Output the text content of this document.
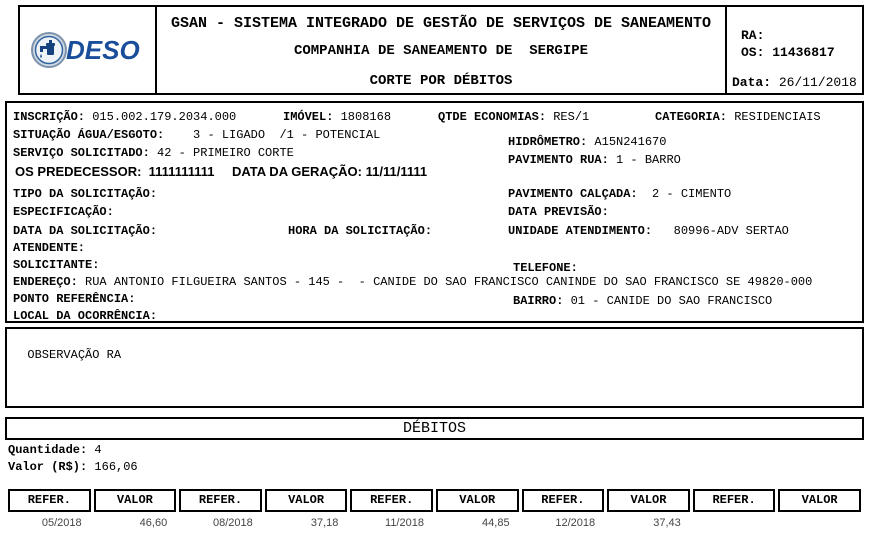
DESO
GSAN - SISTEMA INTEGRADO DE GESTÃO DE SERVIÇOS DE SANEAMENTO
COMPANHIA DE SANEAMENTO DE  SERGIPE
CORTE POR DÉBITOS
RA:
OS: 11436817
Data: 26/11/2018
INSCRIÇÃO: 015.002.179.2034.000	IMÓVEL: 1808168	QTDE ECONOMIAS: RES/1	CATEGORIA: RESIDENCIAIS
SITUAÇÃO ÁGUA/ESGOTO:    3 - LIGADO  /1 - POTENCIAL	HIDRÔMETRO: A15N241670
SERVIÇO SOLICITADO: 42 - PRIMEIRO CORTE	PAVIMENTO RUA: 1 - BARRO
OS PREDECESSOR:  1111111111 DATA DA GERAÇÃO: 11/11/1111
TIPO DA SOLICITAÇÃO:	PAVIMENTO CALÇADA:  2 - CIMENTO
ESPECIFICAÇÃO:	DATA PREVISÃO:
DATA DA SOLICITAÇÃO:	HORA DA SOLICITAÇÃO:	UNIDADE ATENDIMENTO:   80996-ADV SERTAO
ATENDENTE:
SOLICITANTE:	TELEFONE:
ENDEREÇO: RUA ANTONIO FILGUEIRA SANTOS - 145 -  - CANIDE DO SAO FRANCISCO CANINDE DO SAO FRANCISCO SE 49820-000
PONTO REFERÊNCIA:	BAIRRO: 01 - CANIDE DO SAO FRANCISCO
LOCAL DA OCORRÊNCIA:

OBSERVAÇÃO RA

DÉBITOS
Quantidade: 4
Valor (R$): 166,06
REFER.	VALOR	REFER.	VALOR	REFER.	VALOR	REFER.	VALOR	REFER.	VALOR
05/2018	46,60	08/2018	37,18	11/2018	44,85	12/2018	37,43
